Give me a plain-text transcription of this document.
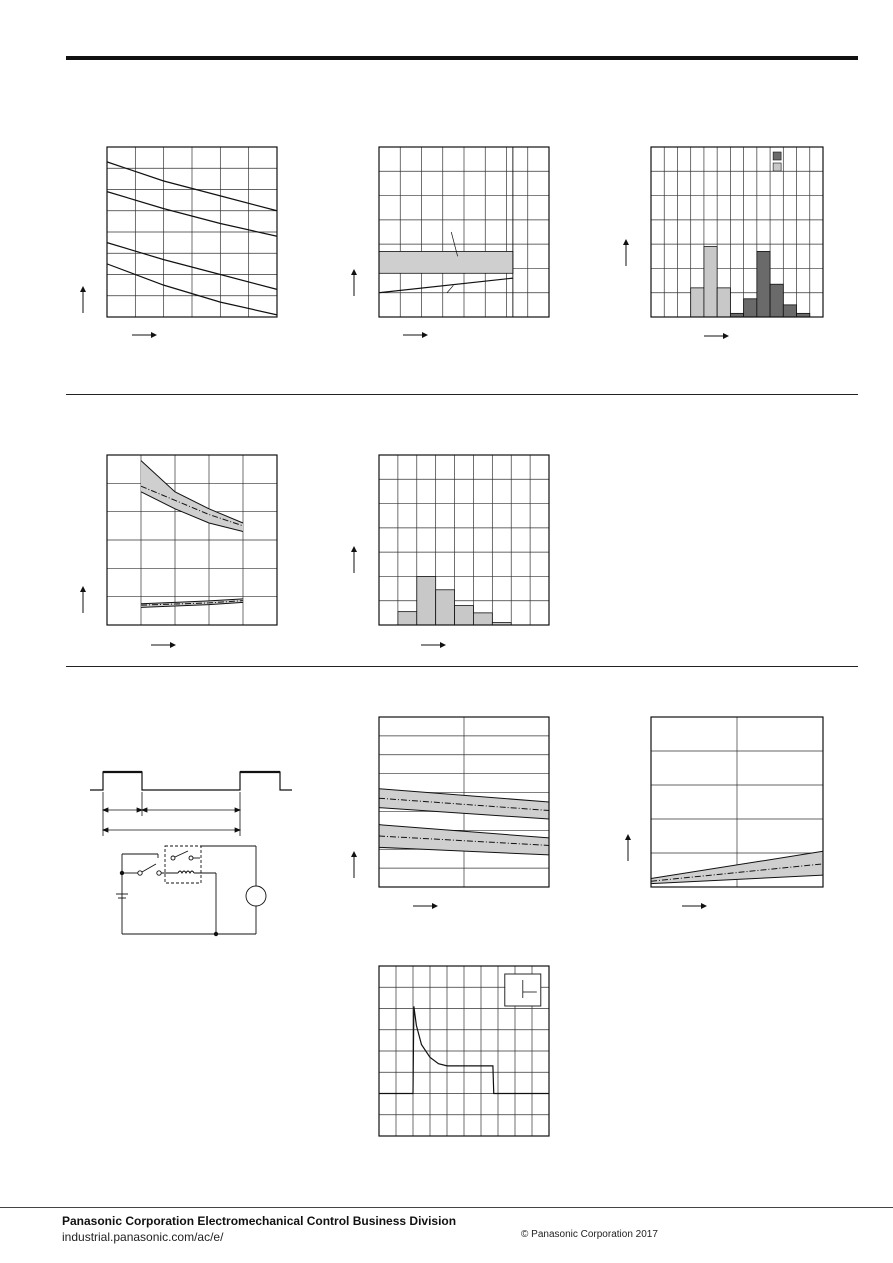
Panasonic Corporation Electromechanical Control Business Division
industrial.panasonic.com/ac/e/	© Panasonic Corporation 2017
